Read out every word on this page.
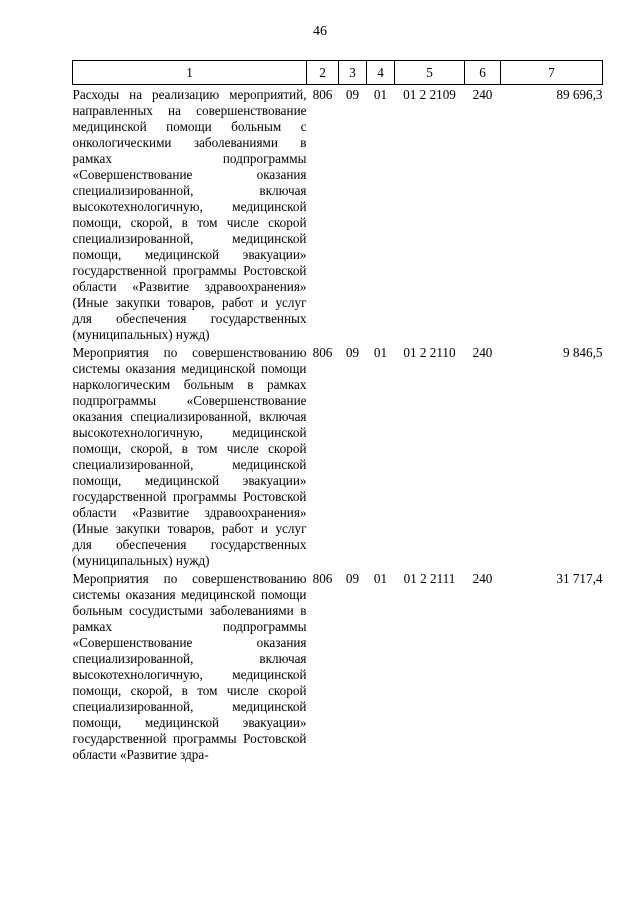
46
1	2	3	4	5	6	7
Расходы на реализацию мероприятий, направленных на совершенствование медицинской помощи больным с онкологическими заболеваниями в рамках подпрограммы «Совершенствование оказания специализированной, включая высокотехнологичную, медицинской помощи, скорой, в том числе скорой специализированной, медицинской помощи, медицинской эвакуации» государственной программы Ростовской области «Развитие здравоохранения» (Иные закупки товаров, работ и услуг для обеспечения государственных (муниципальных) нужд)	806	09	01	01 2 2109	240	89 696,3
Мероприятия по совершенствованию системы оказания медицинской помощи наркологическим больным в рамках подпрограммы «Совершенствование оказания специализированной, включая высокотехнологичную, медицинской помощи, скорой, в том числе скорой специализированной, медицинской помощи, медицинской эвакуации» государственной программы Ростовской области «Развитие здравоохранения» (Иные закупки товаров, работ и услуг для обеспечения государственных (муниципальных) нужд)	806	09	01	01 2 2110	240	9 846,5
Мероприятия по совершенствованию системы оказания медицинской помощи больным сосудистыми заболеваниями в рамках подпрограммы «Совершенствование оказания специализированной, включая высокотехнологичную, медицинской помощи, скорой, в том числе скорой специализированной, медицинской помощи, медицинской эвакуации» государственной программы Ростовской области «Развитие здра-	806	09	01	01 2 2111	240	31 717,4
